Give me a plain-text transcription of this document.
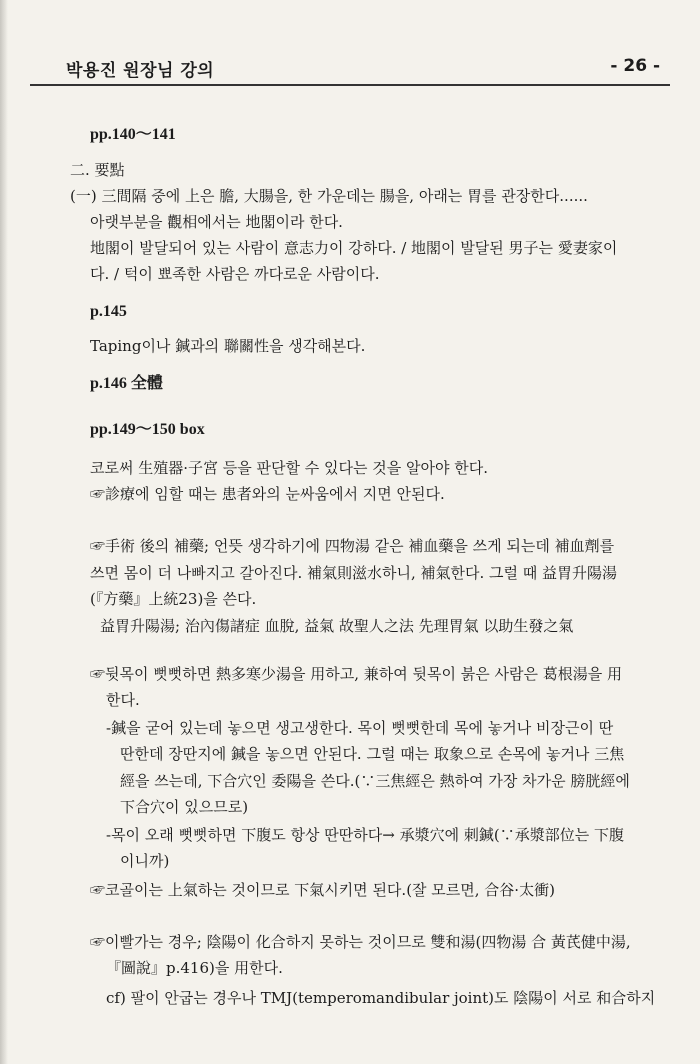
박용진 원장님 강의	- 26 -
pp.140～141
二. 要點
(一) 三間隔 중에 上은 膽, 大腸을, 한 가운데는 腸을, 아래는 胃를 관장한다......
아랫부분을 觀相에서는 地閣이라 한다.
地閣이 발달되어 있는 사람이 意志力이 강하다. / 地閣이 발달된 男子는 愛妻家이
다. / 턱이 뾰족한 사람은 까다로운 사람이다.
p.145
Taping이나 鍼과의 聯關性을 생각해본다.
p.146 全體
pp.149～150 box
코로써 生殖器·子宮 등을 판단할 수 있다는 것을 알아야 한다.
☞診療에 임할 때는 患者와의 눈싸움에서 지면 안된다.
☞手術 後의 補藥; 언뜻 생각하기에 四物湯 같은 補血藥을 쓰게 되는데 補血劑를
쓰면 몸이 더 나빠지고 갈아진다. 補氣則滋水하니, 補氣한다. 그럴 때 益胃升陽湯
(『方藥』上統23)을 쓴다.
益胃升陽湯; 治內傷諸症 血脫, 益氣 故聖人之法 先理胃氣 以助生發之氣
☞뒷목이 뻣뻣하면 熱多寒少湯을 用하고, 兼하여 뒷목이 붉은 사람은 葛根湯을 用
한다.
-鍼을 굳어 있는데 놓으면 생고생한다. 목이 뻣뻣한데 목에 놓거나 비장근이 딴
딴한데 장딴지에 鍼을 놓으면 안된다. 그럴 때는 取象으로 손목에 놓거나 三焦
經을 쓰는데, 下合穴인 委陽을 쓴다.(∵三焦經은 熱하여 가장 차가운 膀胱經에
下合穴이 있으므로)
-목이 오래 뻣뻣하면 下腹도 항상 딴딴하다→ 承漿穴에 刺鍼(∵承漿部位는 下腹
이니까)
☞코골이는 上氣하는 것이므로 下氣시키면 된다.(잘 모르면, 合谷·太衝)
☞이빨가는 경우; 陰陽이 化合하지 못하는 것이므로 雙和湯(四物湯 合 黃芪健中湯,
『圖說』p.416)을 用한다.
cf) 팔이 안굽는 경우나 TMJ(temperomandibular joint)도 陰陽이 서로 和合하지
